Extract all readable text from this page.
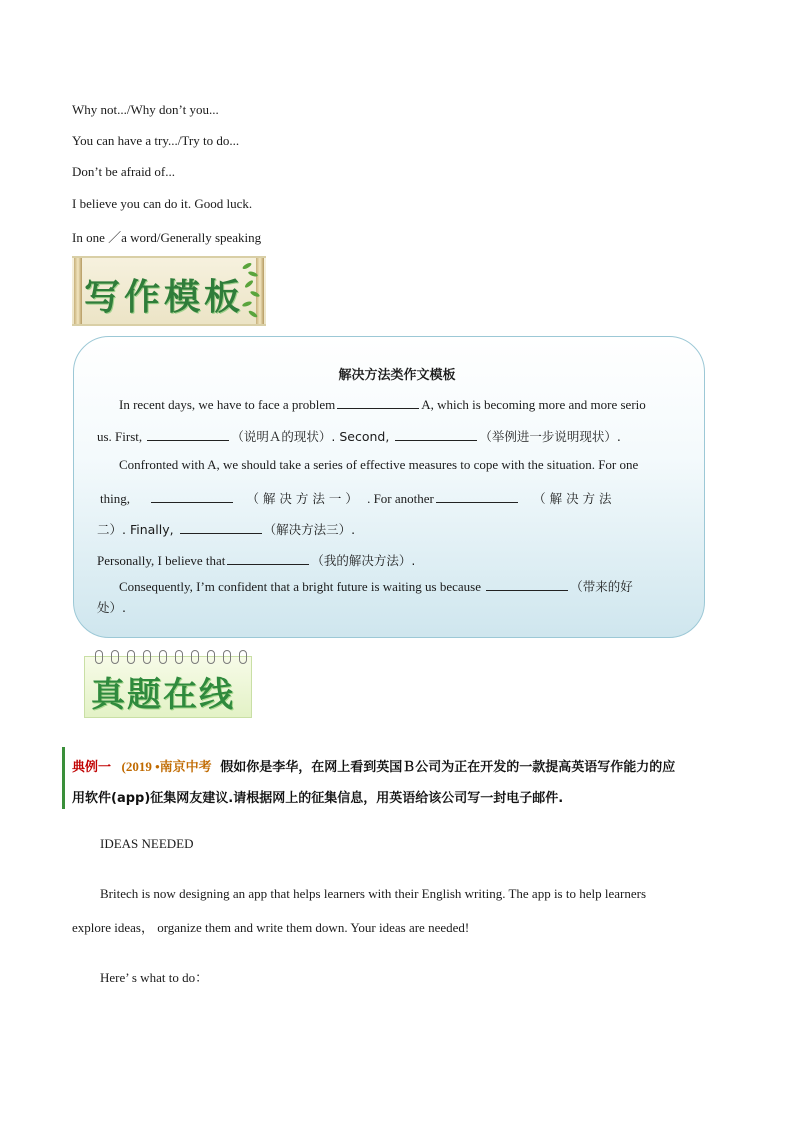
Why not.../Why don’t you...
You can have a try.../Try to do...
Don’t be afraid of...
I believe you can do it. Good luck.
In one ／a word/Generally speaking
写作模板
解决方法类作文模板
In recent days, we have to face a problem	A, which is becoming more and more serio
us. First,	（说明Ａ的现状）. Second,	（举例进一步说明现状）.
Confronted with A, we should take a series of effective measures to cope with the situation. For one
thing,	（ 解 决 方 法 一 ） . For another	（ 解 决 方 法
二）. Finally,	（解决方法三）.
Personally, I believe that	（我的解决方法）.
Consequently, I’m confident that a bright future is waiting us because	（带来的好
处）.
真题在线
典例一 (2019 •南京中考 假如你是李华，在网上看到英国Ｂ公司为正在开发的一款提高英语写作能力的应
用软件(app)征集网友建议.请根据网上的征集信息，用英语给该公司写一封电子邮件.
IDEAS NEEDED
Britech is now designing an app that helps learners with their English writing. The app is to help learners
explore ideas， organize them and write them down. Your ideas are needed!
Here’ s what to do：
